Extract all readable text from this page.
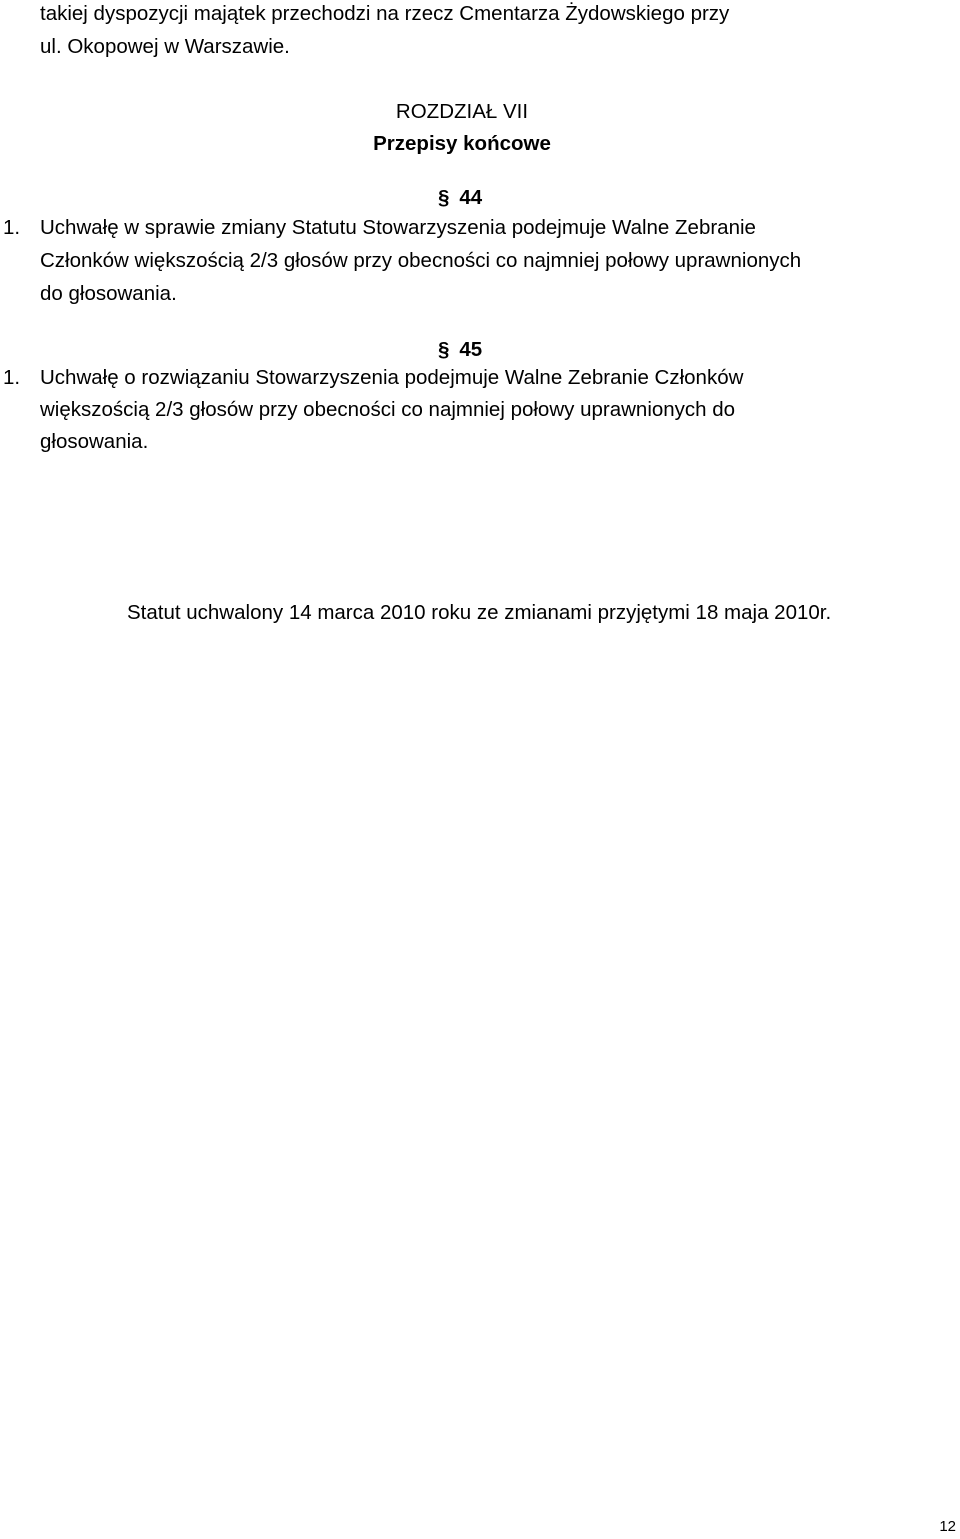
takiej dyspozycji majątek przechodzi na rzecz Cmentarza Żydowskiego przy
ul. Okopowej w Warszawie.
ROZDZIAŁ VII
Przepisy końcowe
§ 44
1. Uchwałę w sprawie zmiany Statutu Stowarzyszenia podejmuje Walne Zebranie
Członków większością 2/3 głosów przy obecności co najmniej połowy uprawnionych
do głosowania.
§ 45
1. Uchwałę o rozwiązaniu Stowarzyszenia podejmuje Walne Zebranie Członków
większością 2/3 głosów przy obecności co najmniej połowy uprawnionych do
głosowania.
Statut uchwalony 14 marca 2010 roku ze zmianami przyjętymi 18 maja 2010r.
12
